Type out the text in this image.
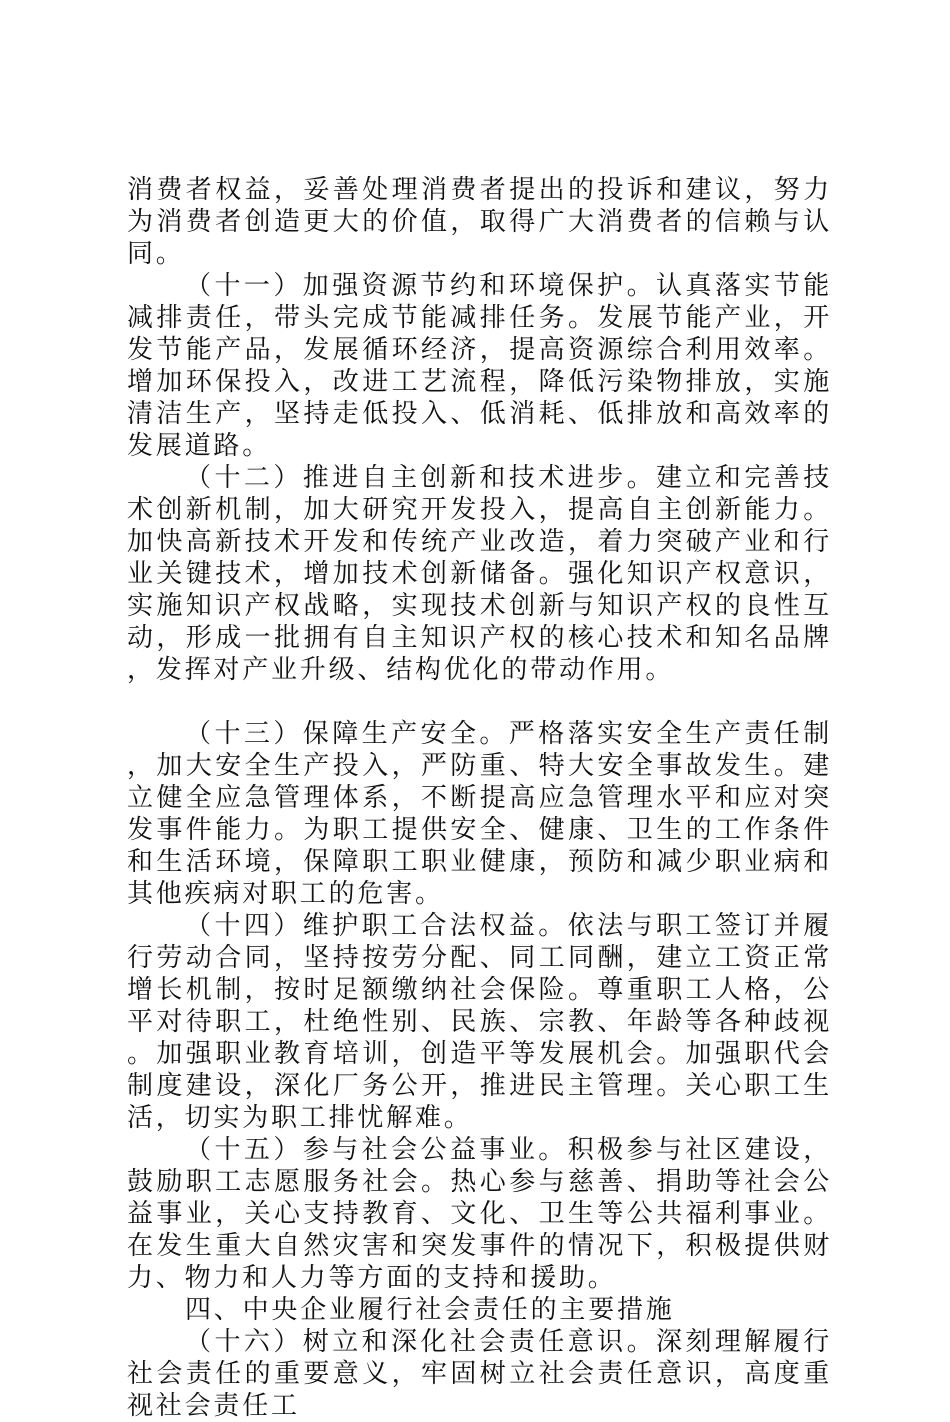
消费者权益，妥善处理消费者提出的投诉和建议，努力为消费者创造更大的价值，取得广大消费者的信赖与认同。

（十一）加强资源节约和环境保护。认真落实节能减排责任，带头完成节能减排任务。发展节能产业，开发节能产品，发展循环经济，提高资源综合利用效率。增加环保投入，改进工艺流程，降低污染物排放，实施清洁生产，坚持走低投入、低消耗、低排放和高效率的发展道路。

（十二）推进自主创新和技术进步。建立和完善技术创新机制，加大研究开发投入，提高自主创新能力。加快高新技术开发和传统产业改造，着力突破产业和行业关键技术，增加技术创新储备。强化知识产权意识，实施知识产权战略，实现技术创新与知识产权的良性互动，形成一批拥有自主知识产权的核心技术和知名品牌，发挥对产业升级、结构优化的带动作用。

（十三）保障生产安全。严格落实安全生产责任制，加大安全生产投入，严防重、特大安全事故发生。建立健全应急管理体系，不断提高应急管理水平和应对突发事件能力。为职工提供安全、健康、卫生的工作条件和生活环境，保障职工职业健康，预防和减少职业病和其他疾病对职工的危害。

（十四）维护职工合法权益。依法与职工签订并履行劳动合同，坚持按劳分配、同工同酬，建立工资正常增长机制，按时足额缴纳社会保险。尊重职工人格，公平对待职工，杜绝性别、民族、宗教、年龄等各种歧视。加强职业教育培训，创造平等发展机会。加强职代会制度建设，深化厂务公开，推进民主管理。关心职工生活，切实为职工排忧解难。

（十五）参与社会公益事业。积极参与社区建设，鼓励职工志愿服务社会。热心参与慈善、捐助等社会公益事业，关心支持教育、文化、卫生等公共福利事业。在发生重大自然灾害和突发事件的情况下，积极提供财力、物力和人力等方面的支持和援助。

四、中央企业履行社会责任的主要措施

（十六）树立和深化社会责任意识。深刻理解履行社会责任的重要意义，牢固树立社会责任意识，高度重视社会责任工
